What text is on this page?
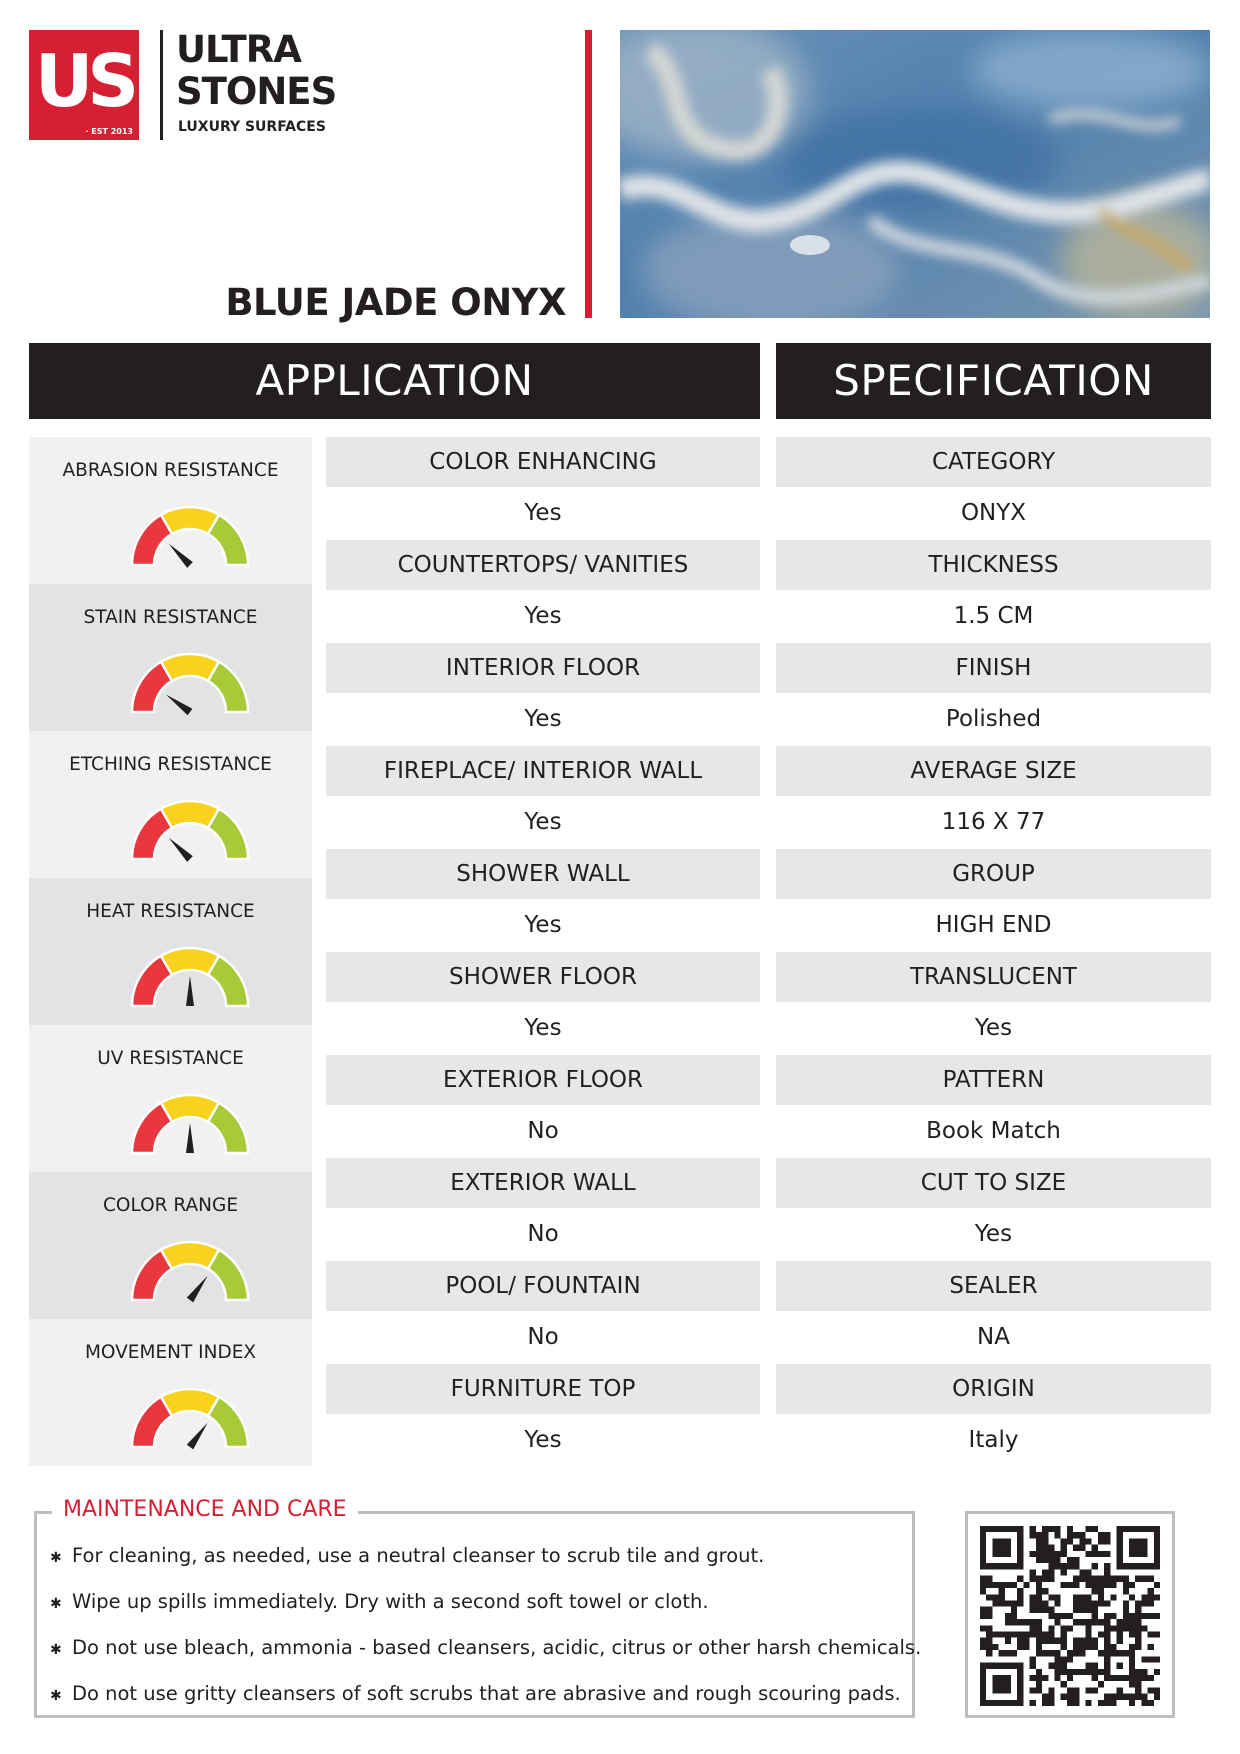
US
· EST 2013
ULTRA
STONES
LUXURY SURFACES
BLUE JADE ONYX
APPLICATION	SPECIFICATION
ABRASION RESISTANCE
STAIN RESISTANCE
ETCHING RESISTANCE
HEAT RESISTANCE
UV RESISTANCE
COLOR RANGE
MOVEMENT INDEX
COLOR ENHANCING
Yes
COUNTERTOPS/ VANITIES
Yes
INTERIOR FLOOR
Yes
FIREPLACE/ INTERIOR WALL
Yes
SHOWER WALL
Yes
SHOWER FLOOR
Yes
EXTERIOR FLOOR
No
EXTERIOR WALL
No
POOL/ FOUNTAIN
No
FURNITURE TOP
Yes
CATEGORY
ONYX
THICKNESS
1.5 CM
FINISH
Polished
AVERAGE SIZE
116 X 77
GROUP
HIGH END
TRANSLUCENT
Yes
PATTERN
Book Match
CUT TO SIZE
Yes
SEALER
NA
ORIGIN
Italy
MAINTENANCE AND CARE
✱ For cleaning, as needed, use a neutral cleanser to scrub tile and grout.
✱ Wipe up spills immediately. Dry with a second soft towel or cloth.
✱ Do not use bleach, ammonia - based cleansers, acidic, citrus or other harsh chemicals.
✱ Do not use gritty cleansers of soft scrubs that are abrasive and rough scouring pads.
